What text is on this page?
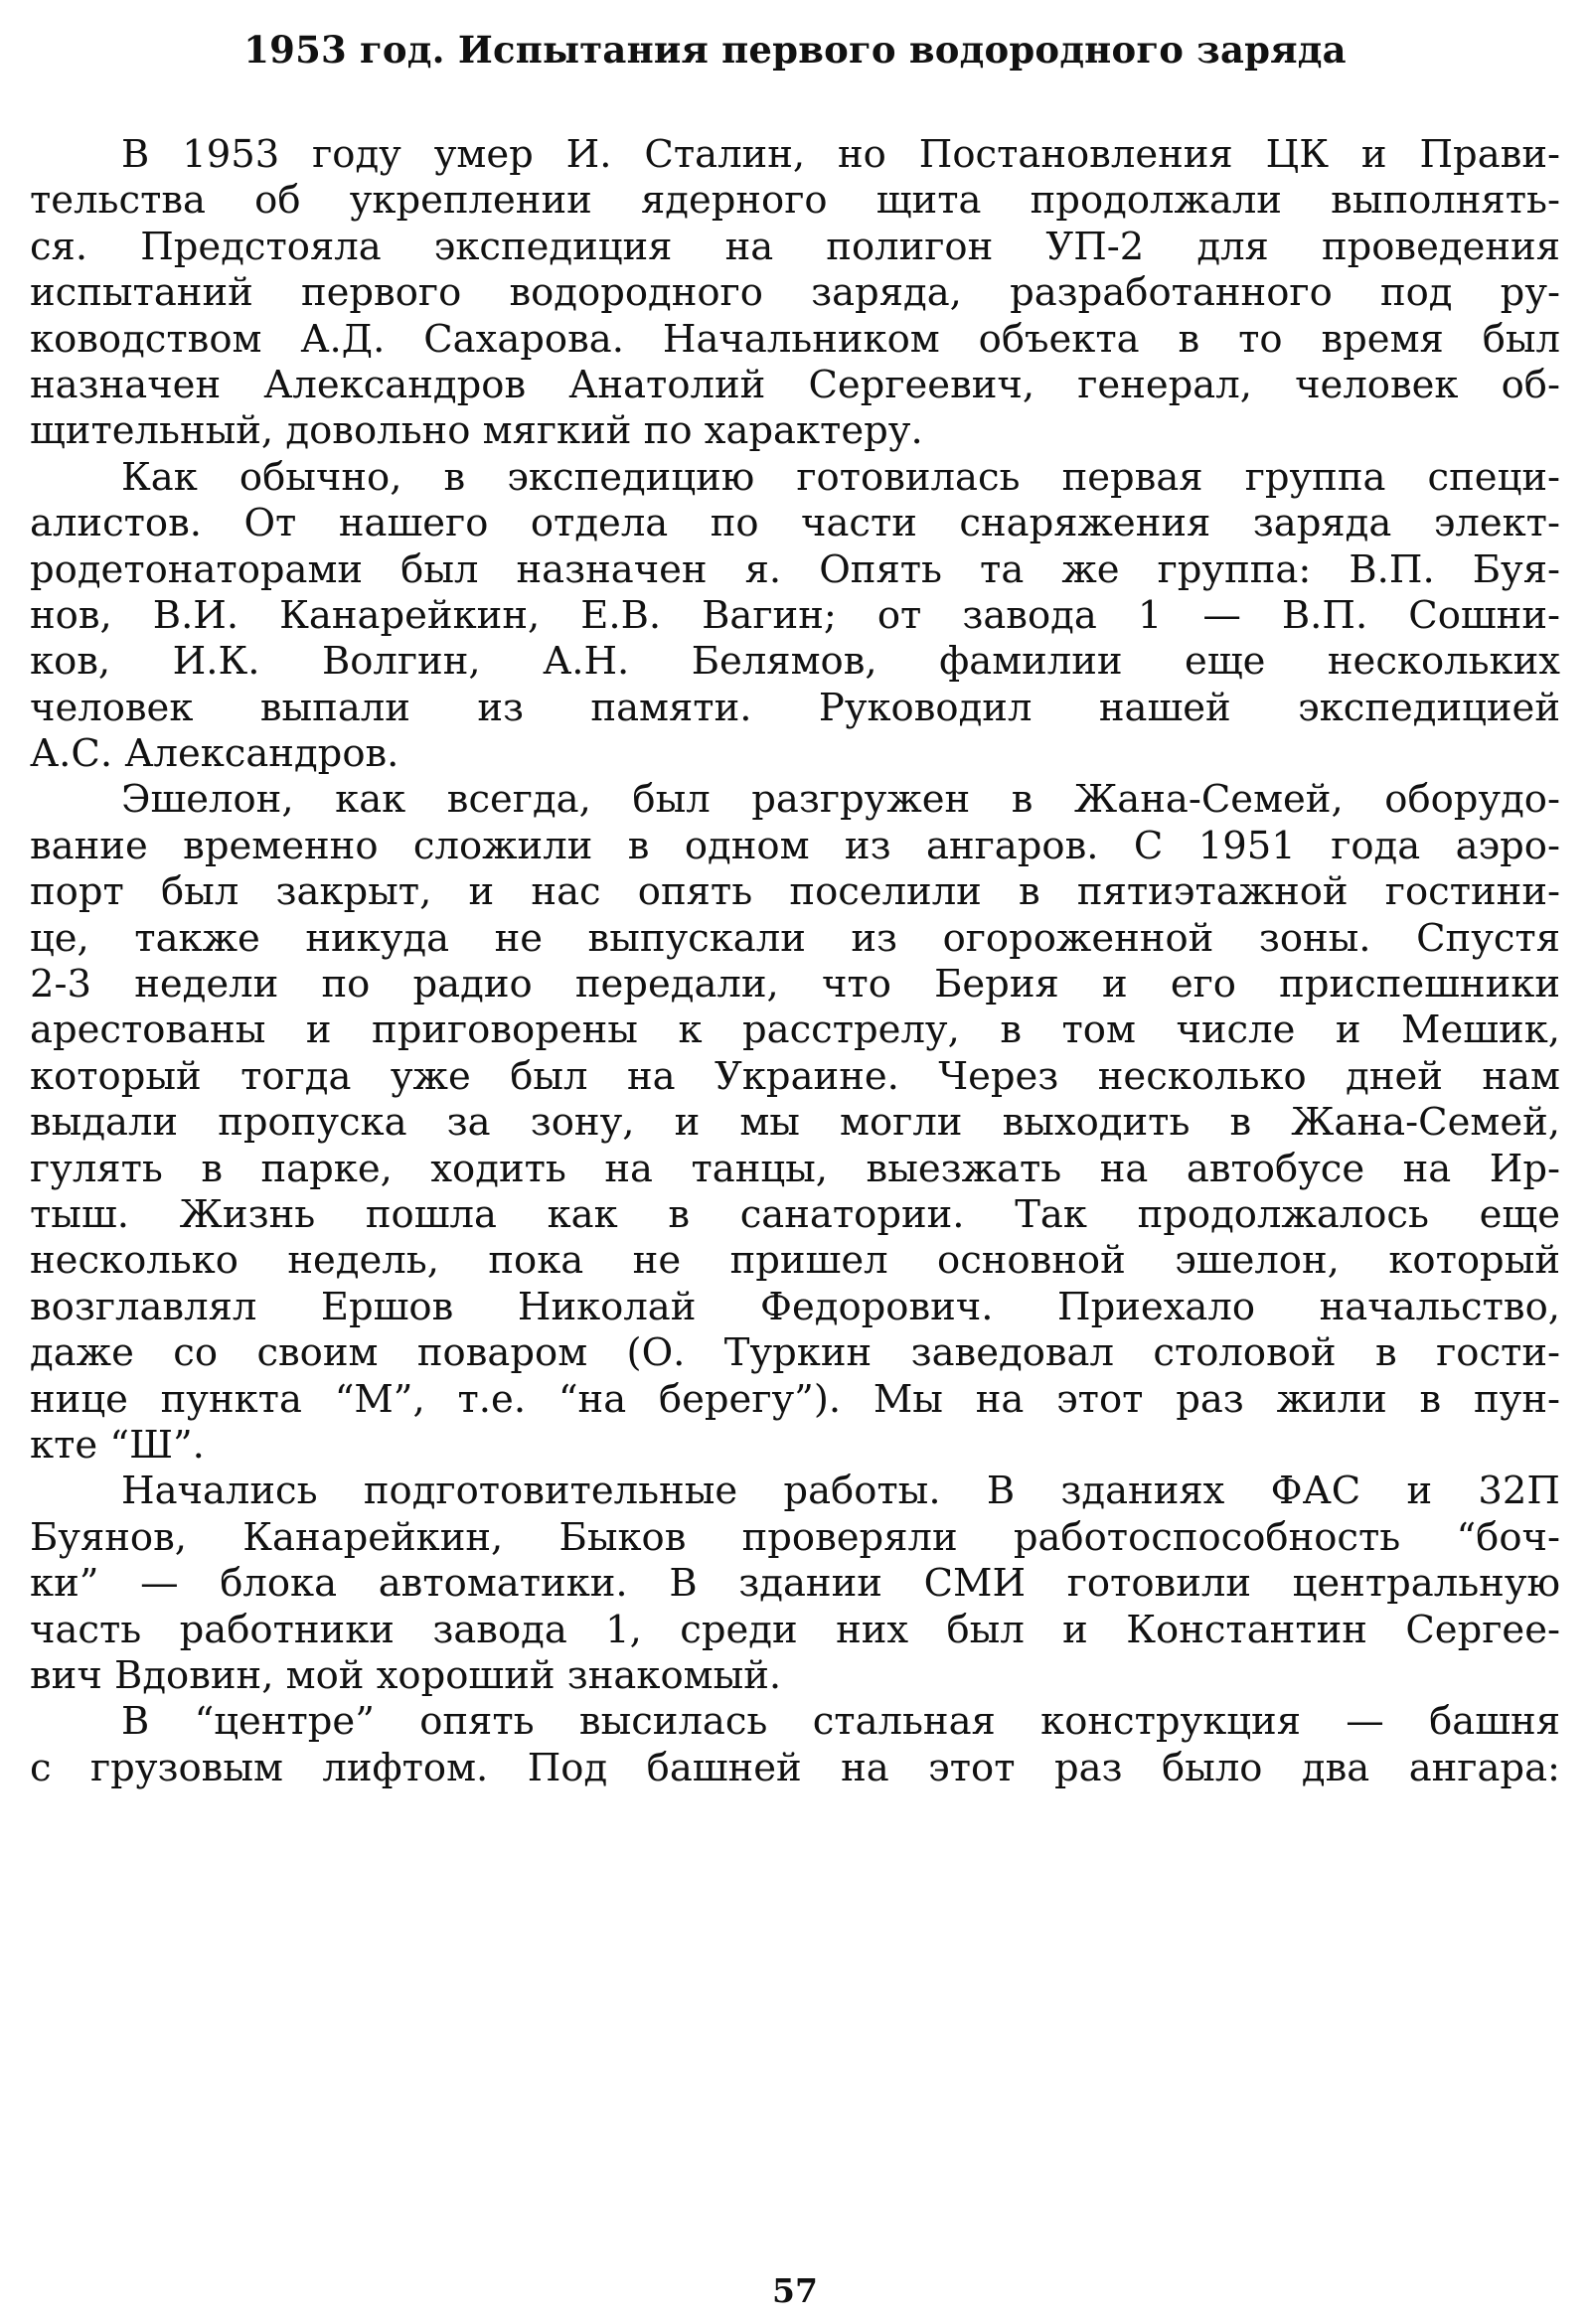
1953 год. Испытания первого водородного заряда

В 1953 году умер И. Сталин, но Постановления ЦК и Прави-
тельства об укреплении ядерного щита продолжали выполнять-
ся. Предстояла экспедиция на полигон УП-2 для проведения
испытаний первого водородного заряда, разработанного под ру-
ководством А.Д. Сахарова. Начальником объекта в то время был
назначен Александров Анатолий Сергеевич, генерал, человек об-
щительный, довольно мягкий по характеру.

Как обычно, в экспедицию готовилась первая группа специ-
алистов. От нашего отдела по части снаряжения заряда элект-
родетонаторами был назначен я. Опять та же группа: В.П. Буя-
нов, В.И. Канарейкин, Е.В. Вагин; от завода 1 — В.П. Сошни-
ков, И.К. Волгин, А.Н. Белямов, фамилии еще нескольких
человек выпали из памяти. Руководил нашей экспедицией
А.С. Александров.

Эшелон, как всегда, был разгружен в Жана-Семей, оборудо-
вание временно сложили в одном из ангаров. С 1951 года аэро-
порт был закрыт, и нас опять поселили в пятиэтажной гостини-
це, также никуда не выпускали из огороженной зоны. Спустя
2-3 недели по радио передали, что Берия и его приспешники
арестованы и приговорены к расстрелу, в том числе и Мешик,
который тогда уже был на Украине. Через несколько дней нам
выдали пропуска за зону, и мы могли выходить в Жана-Семей,
гулять в парке, ходить на танцы, выезжать на автобусе на Ир-
тыш. Жизнь пошла как в санатории. Так продолжалось еще
несколько недель, пока не пришел основной эшелон, который
возглавлял Ершов Николай Федорович. Приехало начальство,
даже со своим поваром (О. Туркин заведовал столовой в гости-
нице пункта “М”, т.е. “на берегу”). Мы на этот раз жили в пун-
кте “Ш”.

Начались подготовительные работы. В зданиях ФАС и 32П
Буянов, Канарейкин, Быков проверяли работоспособность “боч-
ки” — блока автоматики. В здании СМИ готовили центральную
часть работники завода 1, среди них был и Константин Сергее-
вич Вдовин, мой хороший знакомый.

В “центре” опять высилась стальная конструкция — башня
с грузовым лифтом. Под башней на этот раз было два ангара:

57
